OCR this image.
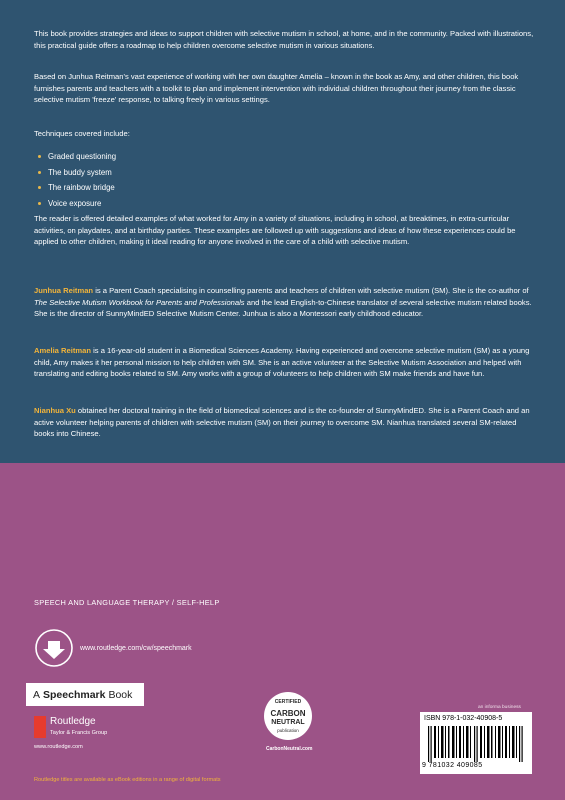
This book provides strategies and ideas to support children with selective mutism in school, at home, and in the community. Packed with illustrations, this practical guide offers a roadmap to help children overcome selective mutism in various situations.

Based on Junhua Reitman's vast experience of working with her own daughter Amelia – known in the book as Amy, and other children, this book furnishes parents and teachers with a toolkit to plan and implement intervention with individual children throughout their journey from the classic selective mutism 'freeze' response, to talking freely in various settings.

Techniques covered include:

Graded questioning
The buddy system
The rainbow bridge
Voice exposure

The reader is offered detailed examples of what worked for Amy in a variety of situations, including in school, at breaktimes, in extra-curricular activities, on playdates, and at birthday parties. These examples are followed up with suggestions and ideas of how these experiences could be applied to other children, making it ideal reading for anyone involved in the care of a child with selective mutism.

Junhua Reitman is a Parent Coach specialising in counselling parents and teachers of children with selective mutism (SM). She is the co-author of The Selective Mutism Workbook for Parents and Professionals and the lead English-to-Chinese translator of several selective mutism related books. She is the director of SunnyMindED Selective Mutism Center. Junhua is also a Montessori early childhood educator.

Amelia Reitman is a 16-year-old student in a Biomedical Sciences Academy. Having experienced and overcome selective mutism (SM) as a young child, Amy makes it her personal mission to help children with SM. She is an active volunteer at the Selective Mutism Association and helped with translating and editing books related to SM. Amy works with a group of volunteers to help children with SM make friends and have fun.

Nianhua Xu obtained her doctoral training in the field of biomedical sciences and is the co-founder of SunnyMindED. She is a Parent Coach and an active volunteer helping parents of children with selective mutism (SM) on their journey to overcome SM. Nianhua translated several SM-related books into Chinese.

SPEECH AND LANGUAGE THERAPY / SELF-HELP
www.routledge.com/cw/speechmark
A Speechmark Book
Routledge
Taylor & Francis Group
www.routledge.com
Routledge titles are available as eBook editions in a range of digital formats
CERTIFIED
CARBON
NEUTRAL
publication
CarbonNeutral.com
an informa business
ISBN 978-1-032-40908-5
9 781032 409085
